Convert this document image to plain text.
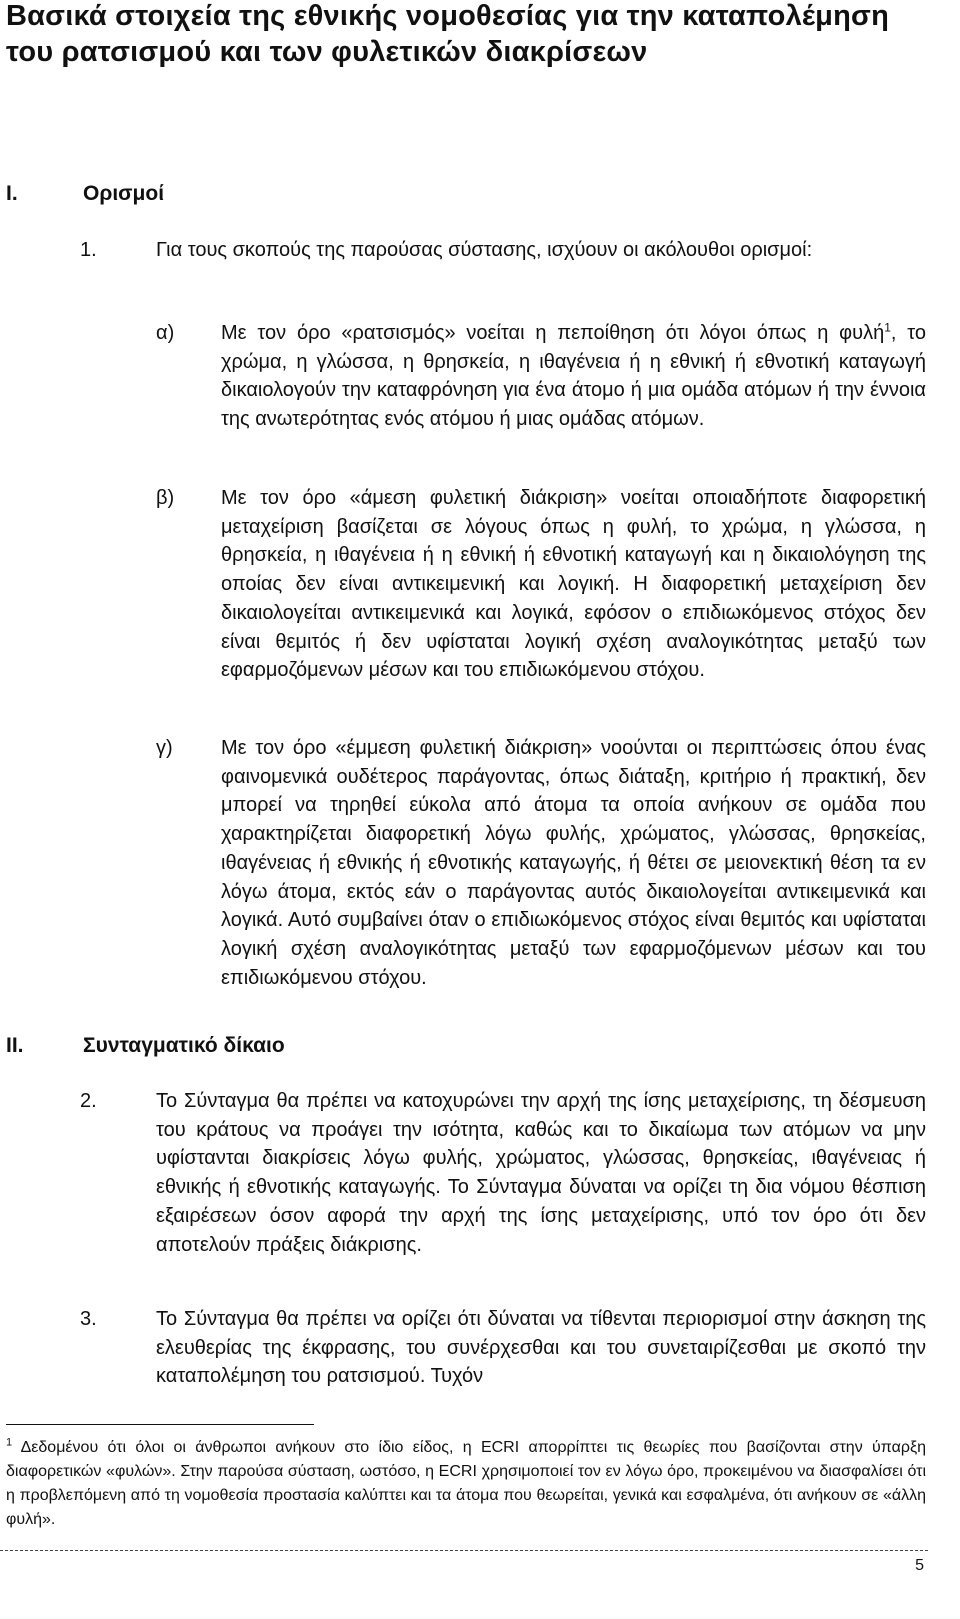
Βασικά στοιχεία της εθνικής νομοθεσίας για την καταπολέμηση του ρατσισμού και των φυλετικών διακρίσεων
I.	Ορισμοί
1.	Για τους σκοπούς της παρούσας σύστασης, ισχύουν οι ακόλουθοι ορισμοί:
α) Με τον όρο «ρατσισμός» νοείται η πεποίθηση ότι λόγοι όπως η φυλή$^1$, το χρώμα, η γλώσσα, η θρησκεία, η ιθαγένεια ή η εθνική ή εθνοτική καταγωγή δικαιολογούν την καταφρόνηση για ένα άτομο ή μια ομάδα ατόμων ή την έννοια της ανωτερότητας ενός ατόμου ή μιας ομάδας ατόμων.
β) Με τον όρο «άμεση φυλετική διάκριση» νοείται οποιαδήποτε διαφορετική μεταχείριση βασίζεται σε λόγους όπως η φυλή, το χρώμα, η γλώσσα, η θρησκεία, η ιθαγένεια ή η εθνική ή εθνοτική καταγωγή και η δικαιολόγηση της οποίας δεν είναι αντικειμενική και λογική. Η διαφορετική μεταχείριση δεν δικαιολογείται αντικειμενικά και λογικά, εφόσον ο επιδιωκόμενος στόχος δεν είναι θεμιτός ή δεν υφίσταται λογική σχέση αναλογικότητας μεταξύ των εφαρμοζόμενων μέσων και του επιδιωκόμενου στόχου.
γ) Με τον όρο «έμμεση φυλετική διάκριση» νοούνται οι περιπτώσεις όπου ένας φαινομενικά ουδέτερος παράγοντας, όπως διάταξη, κριτήριο ή πρακτική, δεν μπορεί να τηρηθεί εύκολα από άτομα τα οποία ανήκουν σε ομάδα που χαρακτηρίζεται διαφορετική λόγω φυλής, χρώματος, γλώσσας, θρησκείας, ιθαγένειας ή εθνικής ή εθνοτικής καταγωγής, ή θέτει σε μειονεκτική θέση τα εν λόγω άτομα, εκτός εάν ο παράγοντας αυτός δικαιολογείται αντικειμενικά και λογικά. Αυτό συμβαίνει όταν ο επιδιωκόμενος στόχος είναι θεμιτός και υφίσταται λογική σχέση αναλογικότητας μεταξύ των εφαρμοζόμενων μέσων και του επιδιωκόμενου στόχου.
II.	Συνταγματικό δίκαιο
2.	Το Σύνταγμα θα πρέπει να κατοχυρώνει την αρχή της ίσης μεταχείρισης, τη δέσμευση του κράτους να προάγει την ισότητα, καθώς και το δικαίωμα των ατόμων να μην υφίστανται διακρίσεις λόγω φυλής, χρώματος, γλώσσας, θρησκείας, ιθαγένειας ή εθνικής ή εθνοτικής καταγωγής. Το Σύνταγμα δύναται να ορίζει τη δια νόμου θέσπιση εξαιρέσεων όσον αφορά την αρχή της ίσης μεταχείρισης, υπό τον όρο ότι δεν αποτελούν πράξεις διάκρισης.
3.	Το Σύνταγμα θα πρέπει να ορίζει ότι δύναται να τίθενται περιορισμοί στην άσκηση της ελευθερίας της έκφρασης, του συνέρχεσθαι και του συνεταιρίζεσθαι με σκοπό την καταπολέμηση του ρατσισμού. Τυχόν
$^1$ Δεδομένου ότι όλοι οι άνθρωποι ανήκουν στο ίδιο είδος, η ECRI απορρίπτει τις θεωρίες που βασίζονται στην ύπαρξη διαφορετικών «φυλών». Στην παρούσα σύσταση, ωστόσο, η ECRI χρησιμοποιεί τον εν λόγω όρο, προκειμένου να διασφαλίσει ότι η προβλεπόμενη από τη νομοθεσία προστασία καλύπτει και τα άτομα που θεωρείται, γενικά και εσφαλμένα, ότι ανήκουν σε «άλλη φυλή».
5
